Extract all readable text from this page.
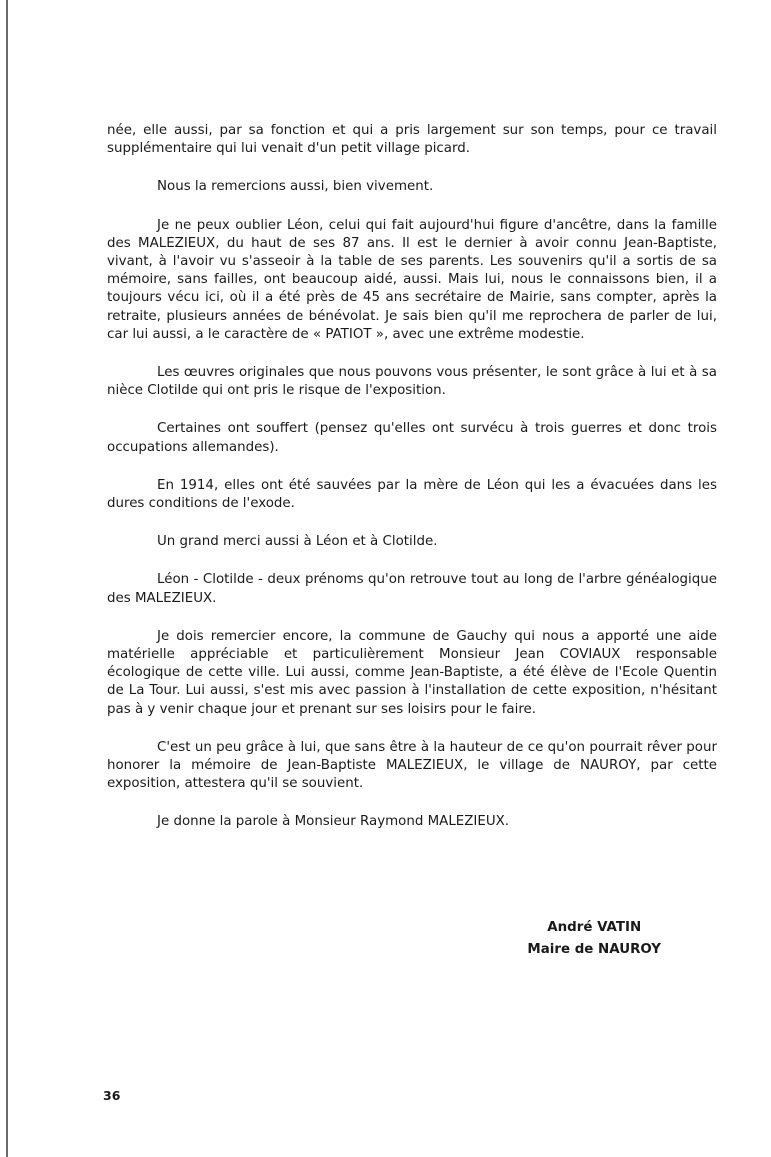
née, elle aussi, par sa fonction et qui a pris largement sur son temps, pour ce travail supplémentaire qui lui venait d'un petit village picard.

Nous la remercions aussi, bien vivement.

Je ne peux oublier Léon, celui qui fait aujourd'hui figure d'ancêtre, dans la famille des MALEZIEUX, du haut de ses 87 ans. Il est le dernier à avoir connu Jean-Baptiste, vivant, à l'avoir vu s'asseoir à la table de ses parents. Les souvenirs qu'il a sortis de sa mémoire, sans failles, ont beaucoup aidé, aussi. Mais lui, nous le connaissons bien, il a toujours vécu ici, où il a été près de 45 ans secrétaire de Mairie, sans compter, après la retraite, plusieurs années de bénévolat. Je sais bien qu'il me reprochera de parler de lui, car lui aussi, a le caractère de « PATIOT », avec une extrême modestie.

Les œuvres originales que nous pouvons vous présenter, le sont grâce à lui et à sa nièce Clotilde qui ont pris le risque de l'exposition.

Certaines ont souffert (pensez qu'elles ont survécu à trois guerres et donc trois occupations allemandes).

En 1914, elles ont été sauvées par la mère de Léon qui les a évacuées dans les dures conditions de l'exode.

Un grand merci aussi à Léon et à Clotilde.

Léon - Clotilde - deux prénoms qu'on retrouve tout au long de l'arbre généalogique des MALEZIEUX.

Je dois remercier encore, la commune de Gauchy qui nous a apporté une aide matérielle appréciable et particulièrement Monsieur Jean COVIAUX responsable écologique de cette ville. Lui aussi, comme Jean-Baptiste, a été élève de l'Ecole Quentin de La Tour. Lui aussi, s'est mis avec passion à l'installation de cette exposition, n'hésitant pas à y venir chaque jour et prenant sur ses loisirs pour le faire.

C'est un peu grâce à lui, que sans être à la hauteur de ce qu'on pourrait rêver pour honorer la mémoire de Jean-Baptiste MALEZIEUX, le village de NAUROY, par cette exposition, attestera qu'il se souvient.

Je donne la parole à Monsieur Raymond MALEZIEUX.

André VATIN
Maire de NAUROY
36
